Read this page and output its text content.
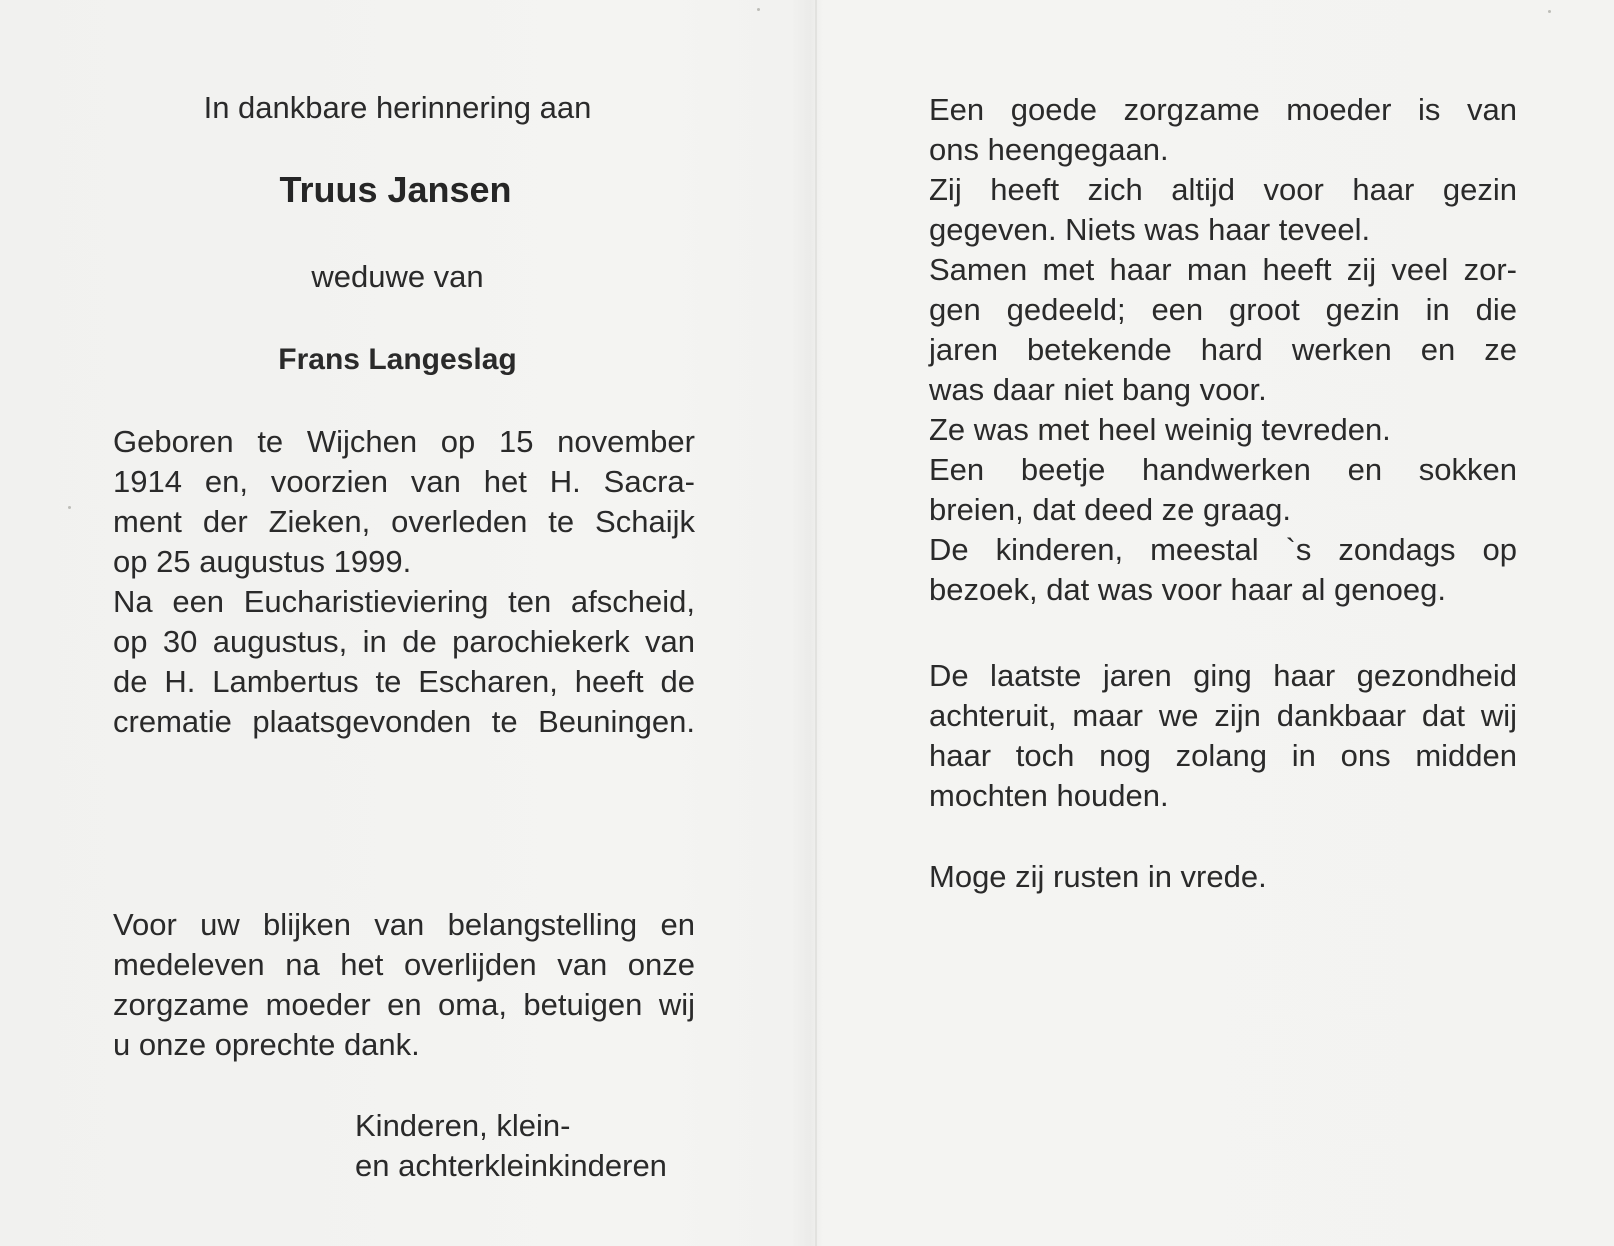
In dankbare herinnering aan

Truus Jansen

weduwe van

Frans Langeslag

Geboren te Wijchen op 15 november
1914 en, voorzien van het H. Sacra-
ment der Zieken, overleden te Schaijk
op 25 augustus 1999.
Na een Eucharistieviering ten afscheid,
op 30 augustus, in de parochiekerk van
de H. Lambertus te Escharen, heeft de
crematie plaatsgevonden te Beuningen.

Voor uw blijken van belangstelling en
medeleven na het overlijden van onze
zorgzame moeder en oma, betuigen wij
u onze oprechte dank.

Kinderen, klein-
en achterkleinkinderen

Een goede zorgzame moeder is van
ons heengegaan.
Zij heeft zich altijd voor haar gezin
gegeven. Niets was haar teveel.
Samen met haar man heeft zij veel zor-
gen gedeeld; een groot gezin in die
jaren betekende hard werken en ze
was daar niet bang voor.
Ze was met heel weinig tevreden.
Een beetje handwerken en sokken
breien, dat deed ze graag.
De kinderen, meestal `s zondags op
bezoek, dat was voor haar al genoeg.

De laatste jaren ging haar gezondheid
achteruit, maar we zijn dankbaar dat wij
haar toch nog zolang in ons midden
mochten houden.

Moge zij rusten in vrede.
